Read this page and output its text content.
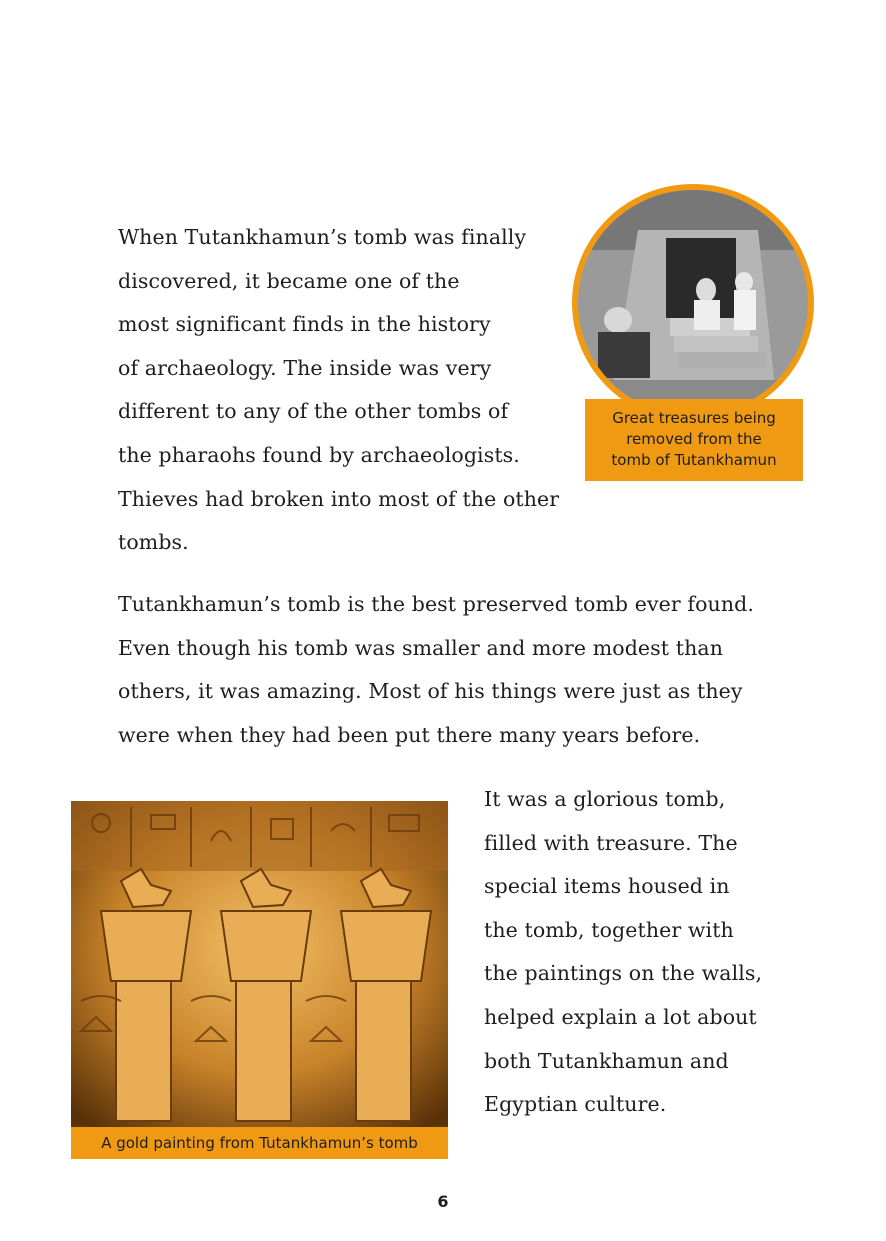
When Tutankhamun’s tomb was finally
discovered, it became one of the
most significant finds in the history
of archaeology. The inside was very
different to any of the other tombs of
the pharaohs found by archaeologists.
Thieves had broken into most of the other
tombs.

Great treasures being
removed from the
tomb of Tutankhamun

Tutankhamun’s tomb is the best preserved tomb ever found.
Even though his tomb was smaller and more modest than
others, it was amazing. Most of his things were just as they
were when they had been put there many years before.

A gold painting from Tutankhamun’s tomb

It was a glorious tomb,
filled with treasure. The
special items housed in
the tomb, together with
the paintings on the walls,
helped explain a lot about
both Tutankhamun and
Egyptian culture.

6
